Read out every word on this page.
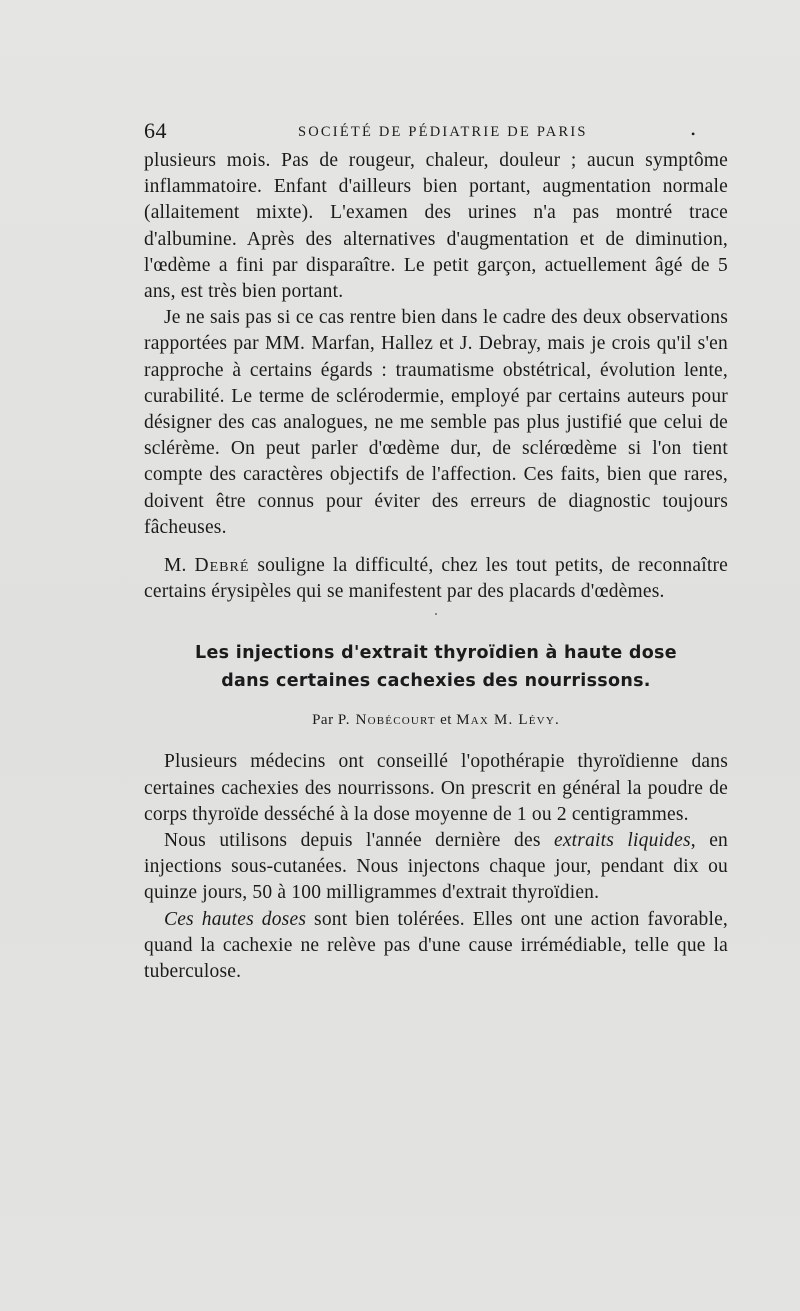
64	SOCIÉTÉ DE PÉDIATRIE DE PARIS	•

plusieurs mois. Pas de rougeur, chaleur, douleur ; aucun symptôme inflammatoire. Enfant d'ailleurs bien portant, augmentation normale (allaitement mixte). L'examen des urines n'a pas montré trace d'albumine. Après des alternatives d'augmentation et de diminution, l'œdème a fini par disparaître. Le petit garçon, actuellement âgé de 5 ans, est très bien portant.

Je ne sais pas si ce cas rentre bien dans le cadre des deux observations rapportées par MM. Marfan, Hallez et J. Debray, mais je crois qu'il s'en rapproche à certains égards : traumatisme obstétrical, évolution lente, curabilité. Le terme de sclérodermie, employé par certains auteurs pour désigner des cas analogues, ne me semble pas plus justifié que celui de sclérème. On peut parler d'œdème dur, de sclérœdème si l'on tient compte des caractères objectifs de l'affection. Ces faits, bien que rares, doivent être connus pour éviter des erreurs de diagnostic toujours fâcheuses.

M. Debré souligne la difficulté, chez les tout petits, de reconnaître certains érysipèles qui se manifestent par des placards d'œdèmes.

•
Les injections d'extrait thyroïdien à haute dose
dans certaines cachexies des nourrissons.
Par P. Nobécourt et Max M. Lévy.

Plusieurs médecins ont conseillé l'opothérapie thyroïdienne dans certaines cachexies des nourrissons. On prescrit en général la poudre de corps thyroïde desséché à la dose moyenne de 1 ou 2 centigrammes.

Nous utilisons depuis l'année dernière des extraits liquides, en injections sous-cutanées. Nous injectons chaque jour, pendant dix ou quinze jours, 50 à 100 milligrammes d'extrait thyroïdien.

Ces hautes doses sont bien tolérées. Elles ont une action favorable, quand la cachexie ne relève pas d'une cause irrémédiable, telle que la tuberculose.
